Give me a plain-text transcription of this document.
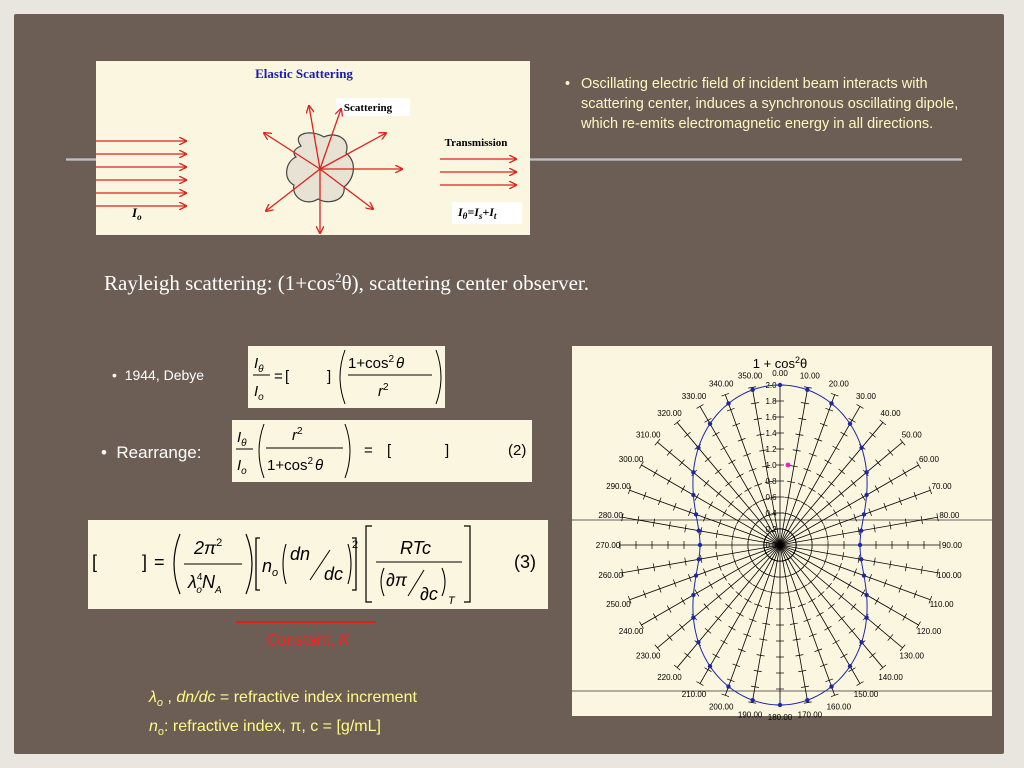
Elastic Scattering
Scattering
Transmission
$I_o$	$I_\theta=I_s+I_t$
• Oscillating electric field of incident beam interacts with scattering center, induces a synchronous oscillating dipole, which re-emits electromagnetic energy in all directions.
Rayleigh scattering: $(1+\cos^2\theta)$, scattering center observer.
• 1944, Debye
$I_\theta$
$I_o$
= [	]
$1+\cos^2$ θ
$r^2$
• Rearrange:
$I_\theta$
$I_o$
$r^2$
$1+\cos^2$ θ
= [	]	(2)
[ ] =
$2\pi^2$
$\lambda^4$ $oN_A$
$n_o$
dn
dc
2 RTc
∂π
∂c T
(3)
Constant, K
$\lambda_o$ , dn/dc = refractive index increment
$n_o$: refractive index, π, c = [g/mL]
$1 + \cos^2\theta$
0.00 10.00
20.00
30.00
40.00
50.00
60.00
70.00
80.00
90.00
100.00
110.00
120.00
130.00
140.00
150.00
160.00
170.00
180.00
190.00
200.00
210.00
220.00
230.00
240.00
250.00
260.00
270.00
280.00
290.00
300.00
310.00
320.00
330.00
340.00
350.00
2.0
1.8
1.6
1.4
1.2
1.0
0.8
0.6
0.4
0.2
0.0
